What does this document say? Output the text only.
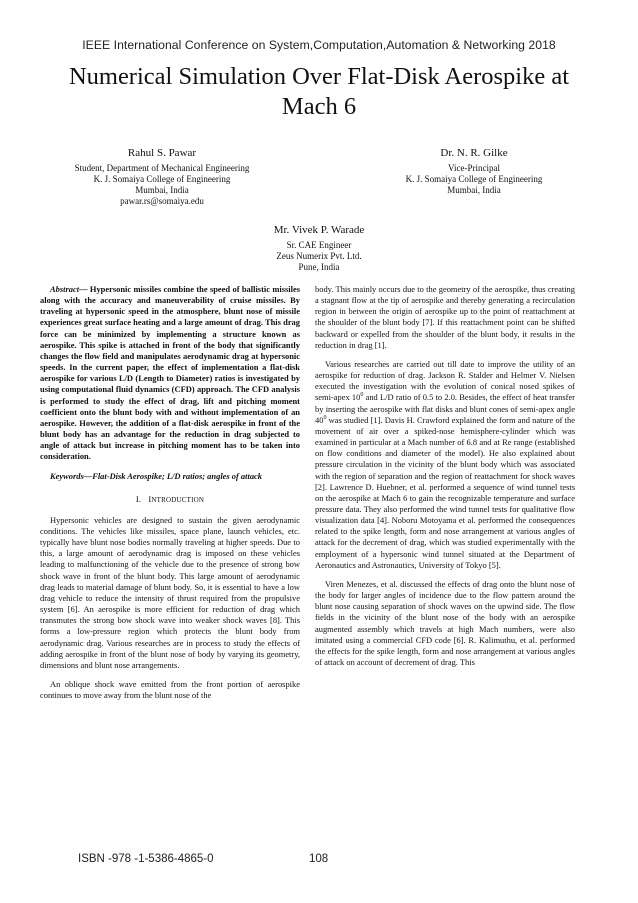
IEEE International Conference on System,Computation,Automation & Networking 2018
Numerical Simulation Over Flat-Disk Aerospike at Mach 6
Rahul S. Pawar
Student, Department of Mechanical Engineering
K. J. Somaiya College of Engineering
Mumbai, India
pawar.rs@somaiya.edu
Dr. N. R. Gilke
Vice-Principal
K. J. Somaiya College of Engineering
Mumbai, India
Mr. Vivek P. Warade
Sr. CAE Engineer
Zeus Numerix Pvt. Ltd.
Pune, India

Abstract— Hypersonic missiles combine the speed of ballistic missiles along with the accuracy and maneuverability of cruise missiles. By traveling at hypersonic speed in the atmosphere, blunt nose of missile experiences great surface heating and a large amount of drag. This drag force can be minimized by implementing a structure known as aerospike. This spike is attached in front of the body that significantly changes the flow field and manipulates aerodynamic drag at hypersonic speeds. In the current paper, the effect of implementation a flat-disk aerospike for various L/D (Length to Diameter) ratios is investigated by using computational fluid dynamics (CFD) approach. The CFD analysis is performed to study the effect of drag, lift and pitching moment coefficient onto the blunt body with and without implementation of an aerospike. However, the addition of a flat-disk aerospike in front of the blunt body has an advantage for the reduction in drag subjected to angle of attack but increase in pitching moment has to be taken into consideration.

Keywords—Flat-Disk Aerospike; L/D ratios; angles of attack

I. INTRODUCTION

Hypersonic vehicles are designed to sustain the given aerodynamic conditions. The vehicles like missiles, space plane, launch vehicles, etc. typically have blunt nose bodies normally traveling at higher speeds. Due to this, a large amount of aerodynamic drag is imposed on these vehicles leading to malfunctioning of the vehicle due to the presence of strong bow shock wave in front of the blunt body. This large amount of aerodynamic drag leads to material damage of blunt body. So, it is essential to have a low drag vehicle to reduce the intensity of thrust required from the propulsive system [6]. An aerospike is more efficient for reduction of drag which transmutes the strong bow shock wave into weaker shock waves [8]. This forms a low-pressure region which protects the blunt body from aerodynamic drag. Various researches are in process to study the effects of adding aerospike in front of the blunt nose of body by varying its geometry, dimensions and blunt nose arrangements.

An oblique shock wave emitted from the front portion of aerospike continues to move away from the blunt nose of the

body. This mainly occurs due to the geometry of the aerospike, thus creating a stagnant flow at the tip of aerospike and thereby generating a recirculation region in between the origin of aerospike up to the point of reattachment at the shoulder of the blunt body [7]. If this reattachment point can be shifted backward or expelled from the shoulder of the blunt body, it results in the reduction in drag [1].

Various researches are carried out till date to improve the utility of an aerospike for reduction of drag. Jackson R. Stalder and Helmer V. Nielsen executed the investigation with the evolution of conical nosed spikes of semi-apex $10^0$ and L/D ratio of 0.5 to 2.0. Besides, the effect of heat transfer by inserting the aerospike with flat disks and blunt cones of semi-apex angle $40^0$ was studied [1]. Davis H. Crawford explained the form and nature of the movement of air over a spiked-nose hemisphere-cylinder which was examined in particular at a Mach number of 6.8 and at Re range (established on flow conditions and diameter of the model). He also explained about pressure circulation in the vicinity of the blunt body which was associated with the region of separation and the region of reattachment for shock waves [2]. Lawrence D. Huebner, et al. performed a sequence of wind tunnel tests on the aerospike at Mach 6 to gain the recognizable temperature and surface pressure data. They also performed the wind tunnel tests for qualitative flow visualization data [4]. Noboru Motoyama et al. performed the consequences related to the spike length, form and nose arrangement at various angles of attack for the decrement of drag, which was studied experimentally with the employment of a hypersonic wind tunnel situated at the Department of Aeronautics and Astronautics, University of Tokyo [5].

Viren Menezes, et al. discussed the effects of drag onto the blunt nose of the body for larger angles of incidence due to the flow pattern around the blunt nose causing separation of shock waves on the upwind side. The flow fields in the vicinity of the blunt nose of the body with an aerospike augmented assembly which travels at high Mach numbers, were also imitated using a commercial CFD code [6]. R. Kalimuthu, et al. performed the effects for the spike length, form and nose arrangement at various angles of attack on account of decrement of drag. This

ISBN -978 -1-5386-4865-0	108
